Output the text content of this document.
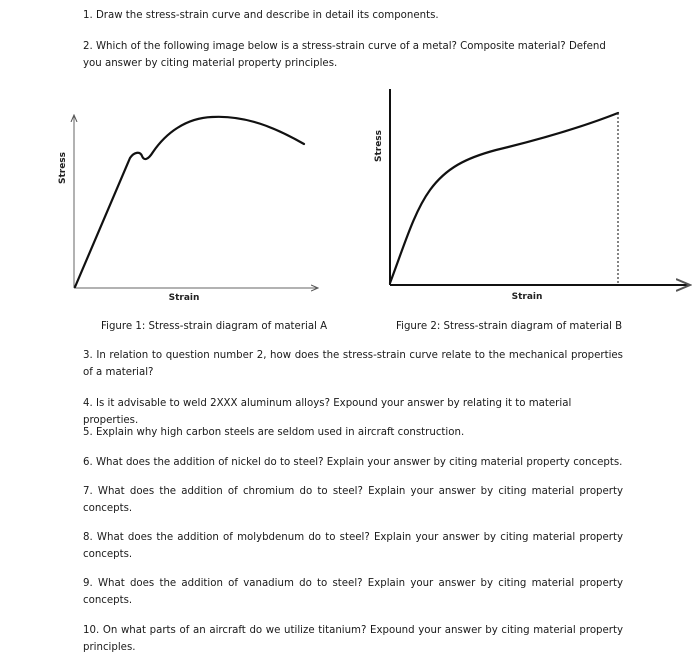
1. Draw the stress-strain curve and describe in detail its components.

2. Which of the following image below is a stress-strain curve of a metal? Composite material? Defend you answer by citing material property principles.

Stress
Strain
Stress
Strain
Figure 1: Stress-strain diagram of material A	Figure 2: Stress-strain diagram of material B

3. In relation to question number 2, how does the stress-strain curve relate to the mechanical properties of a material?

4. Is it advisable to weld 2XXX aluminum alloys? Expound your answer by relating it to material properties.

5. Explain why high carbon steels are seldom used in aircraft construction.

6. What does the addition of nickel do to steel? Explain your answer by citing material property concepts.

7. What does the addition of chromium do to steel? Explain your answer by citing material property concepts.

8. What does the addition of molybdenum do to steel? Explain your answer by citing material property concepts.

9. What does the addition of vanadium do to steel? Explain your answer by citing material property concepts.

10. On what parts of an aircraft do we utilize titanium? Expound your answer by citing material property principles.
